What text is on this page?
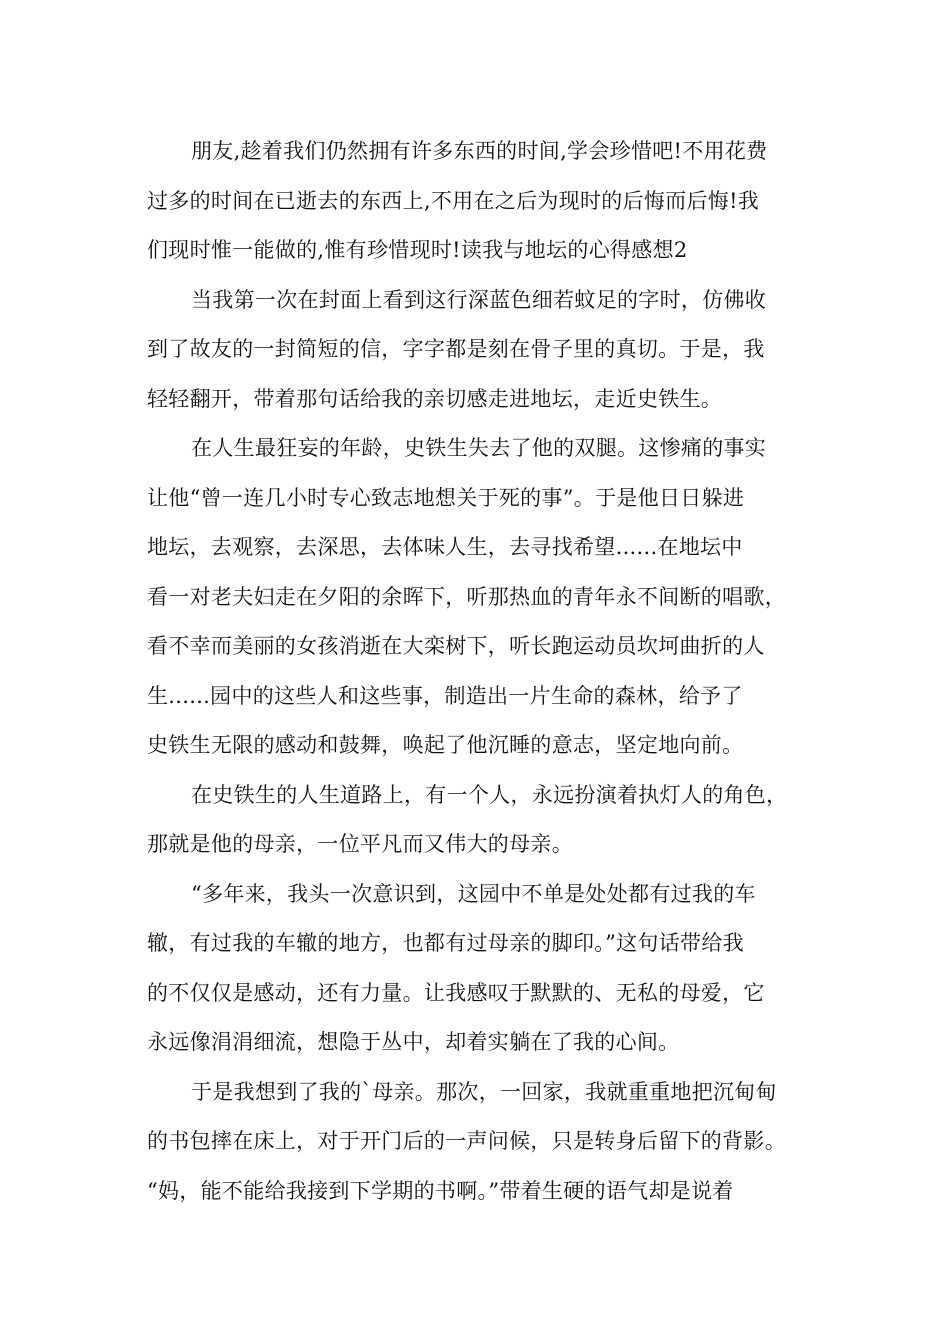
朋友,趁着我们仍然拥有许多东西的时间,学会珍惜吧!不用花费
过多的时间在已逝去的东西上,不用在之后为现时的后悔而后悔!我
们现时惟一能做的,惟有珍惜现时!读我与地坛的心得感想2
当我第一次在封面上看到这行深蓝色细若蚊足的字时，仿佛收
到了故友的一封简短的信，字字都是刻在骨子里的真切。于是，我
轻轻翻开，带着那句话给我的亲切感走进地坛，走近史铁生。
在人生最狂妄的年龄，史铁生失去了他的双腿。这惨痛的事实
让他“曾一连几小时专心致志地想关于死的事”。于是他日日躲进
地坛，去观察，去深思，去体味人生，去寻找希望......在地坛中
看一对老夫妇走在夕阳的余晖下，听那热血的青年永不间断的唱歌，
看不幸而美丽的女孩消逝在大栾树下，听长跑运动员坎坷曲折的人
生......园中的这些人和这些事，制造出一片生命的森林，给予了
史铁生无限的感动和鼓舞，唤起了他沉睡的意志，坚定地向前。
在史铁生的人生道路上，有一个人，永远扮演着执灯人的角色，
那就是他的母亲，一位平凡而又伟大的母亲。
“多年来，我头一次意识到，这园中不单是处处都有过我的车
辙，有过我的车辙的地方，也都有过母亲的脚印。”这句话带给我
的不仅仅是感动，还有力量。让我感叹于默默的、无私的母爱，它
永远像涓涓细流，想隐于丛中，却着实躺在了我的心间。
于是我想到了我的`母亲。那次，一回家，我就重重地把沉甸甸
的书包摔在床上，对于开门后的一声问候，只是转身后留下的背影。
“妈，能不能给我接到下学期的书啊。”带着生硬的语气却是说着
